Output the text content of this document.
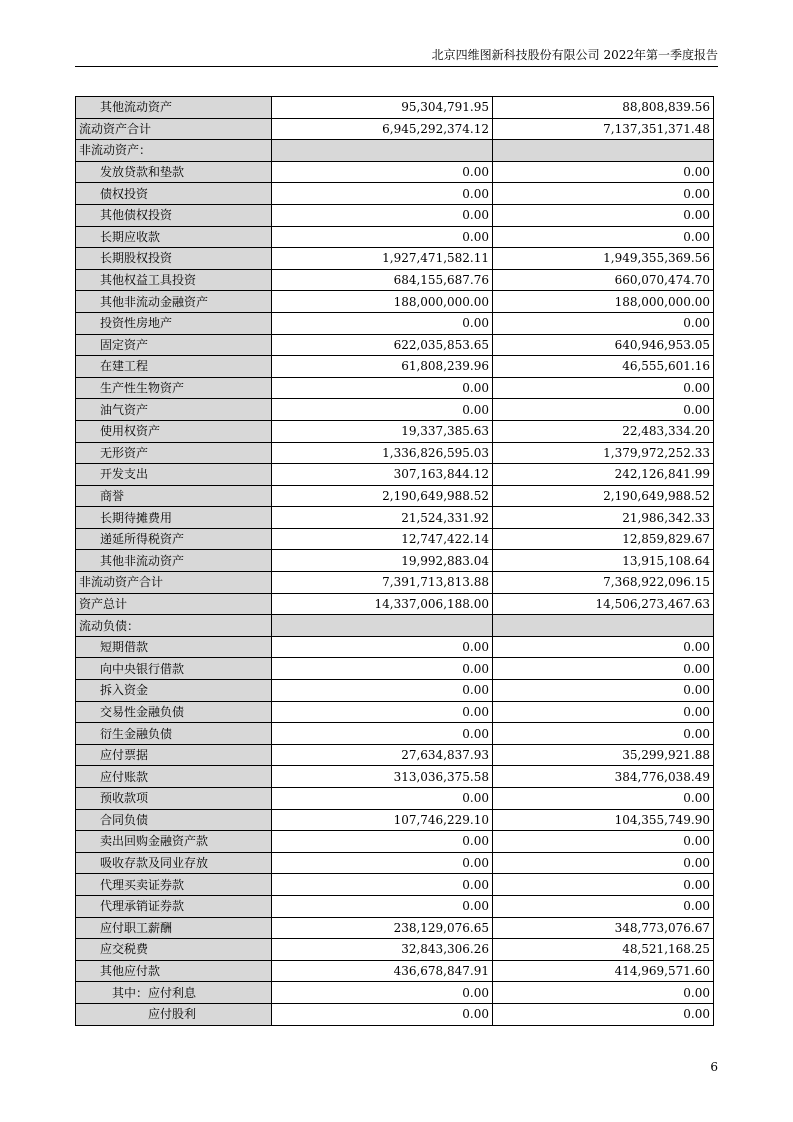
北京四维图新科技股份有限公司 2022年第一季度报告
其他流动资产	95,304,791.95	88,808,839.56
流动资产合计	6,945,292,374.12	7,137,351,371.48
非流动资产：		
发放贷款和垫款	0.00	0.00
债权投资	0.00	0.00
其他债权投资	0.00	0.00
长期应收款	0.00	0.00
长期股权投资	1,927,471,582.11	1,949,355,369.56
其他权益工具投资	684,155,687.76	660,070,474.70
其他非流动金融资产	188,000,000.00	188,000,000.00
投资性房地产	0.00	0.00
固定资产	622,035,853.65	640,946,953.05
在建工程	61,808,239.96	46,555,601.16
生产性生物资产	0.00	0.00
油气资产	0.00	0.00
使用权资产	19,337,385.63	22,483,334.20
无形资产	1,336,826,595.03	1,379,972,252.33
开发支出	307,163,844.12	242,126,841.99
商誉	2,190,649,988.52	2,190,649,988.52
长期待摊费用	21,524,331.92	21,986,342.33
递延所得税资产	12,747,422.14	12,859,829.67
其他非流动资产	19,992,883.04	13,915,108.64
非流动资产合计	7,391,713,813.88	7,368,922,096.15
资产总计	14,337,006,188.00	14,506,273,467.63
流动负债：		
短期借款	0.00	0.00
向中央银行借款	0.00	0.00
拆入资金	0.00	0.00
交易性金融负债	0.00	0.00
衍生金融负债	0.00	0.00
应付票据	27,634,837.93	35,299,921.88
应付账款	313,036,375.58	384,776,038.49
预收款项	0.00	0.00
合同负债	107,746,229.10	104,355,749.90
卖出回购金融资产款	0.00	0.00
吸收存款及同业存放	0.00	0.00
代理买卖证券款	0.00	0.00
代理承销证券款	0.00	0.00
应付职工薪酬	238,129,076.65	348,773,076.67
应交税费	32,843,306.26	48,521,168.25
其他应付款	436,678,847.91	414,969,571.60
其中：应付利息	0.00	0.00
应付股利	0.00	0.00
6
